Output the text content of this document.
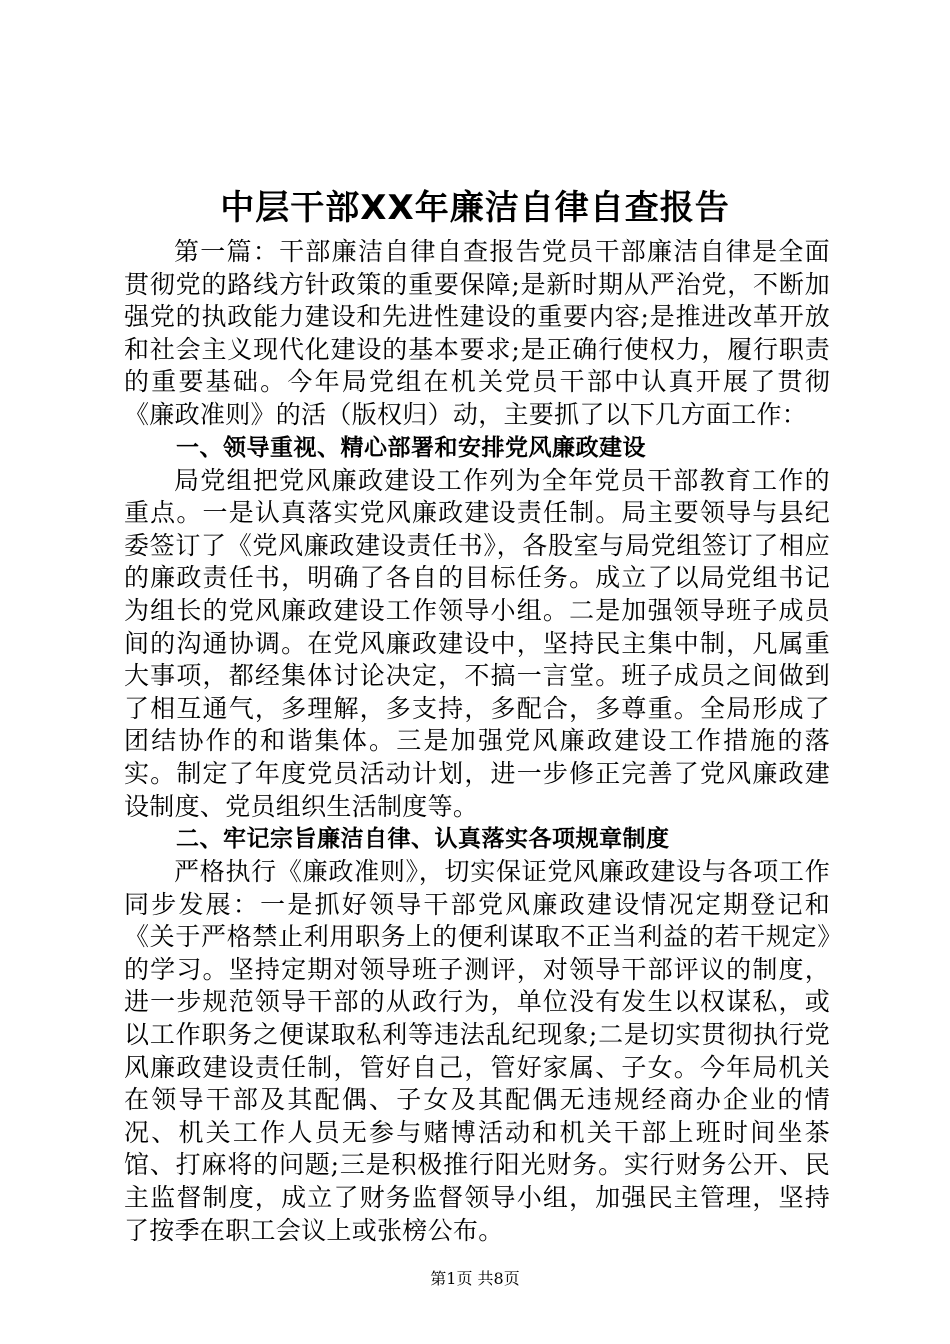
中层干部XX年廉洁自律自查报告

第一篇：干部廉洁自律自查报告党员干部廉洁自律是全面贯彻党的路线方针政策的重要保障;是新时期从严治党，不断加强党的执政能力建设和先进性建设的重要内容;是推进改革开放和社会主义现代化建设的基本要求;是正确行使权力，履行职责的重要基础。今年局党组在机关党员干部中认真开展了贯彻《廉政准则》的活（版权归）动，主要抓了以下几方面工作：

一、领导重视、精心部署和安排党风廉政建设

局党组把党风廉政建设工作列为全年党员干部教育工作的重点。一是认真落实党风廉政建设责任制。局主要领导与县纪委签订了《党风廉政建设责任书》，各股室与局党组签订了相应的廉政责任书，明确了各自的目标任务。成立了以局党组书记为组长的党风廉政建设工作领导小组。二是加强领导班子成员间的沟通协调。在党风廉政建设中，坚持民主集中制，凡属重大事项，都经集体讨论决定，不搞一言堂。班子成员之间做到了相互通气，多理解，多支持，多配合，多尊重。全局形成了团结协作的和谐集体。三是加强党风廉政建设工作措施的落实。制定了年度党员活动计划，进一步修正完善了党风廉政建设制度、党员组织生活制度等。

二、牢记宗旨廉洁自律、认真落实各项规章制度

严格执行《廉政准则》，切实保证党风廉政建设与各项工作同步发展：一是抓好领导干部党风廉政建设情况定期登记和《关于严格禁止利用职务上的便利谋取不正当利益的若干规定》的学习。坚持定期对领导班子测评，对领导干部评议的制度，进一步规范领导干部的从政行为，单位没有发生以权谋私，或以工作职务之便谋取私利等违法乱纪现象;二是切实贯彻执行党风廉政建设责任制，管好自己，管好家属、子女。今年局机关在领导干部及其配偶、子女及其配偶无违规经商办企业的情况、机关工作人员无参与赌博活动和机关干部上班时间坐茶馆、打麻将的问题;三是积极推行阳光财务。实行财务公开、民主监督制度，成立了财务监督领导小组，加强民主管理，坚持了按季在职工会议上或张榜公布。

第1页 共8页
